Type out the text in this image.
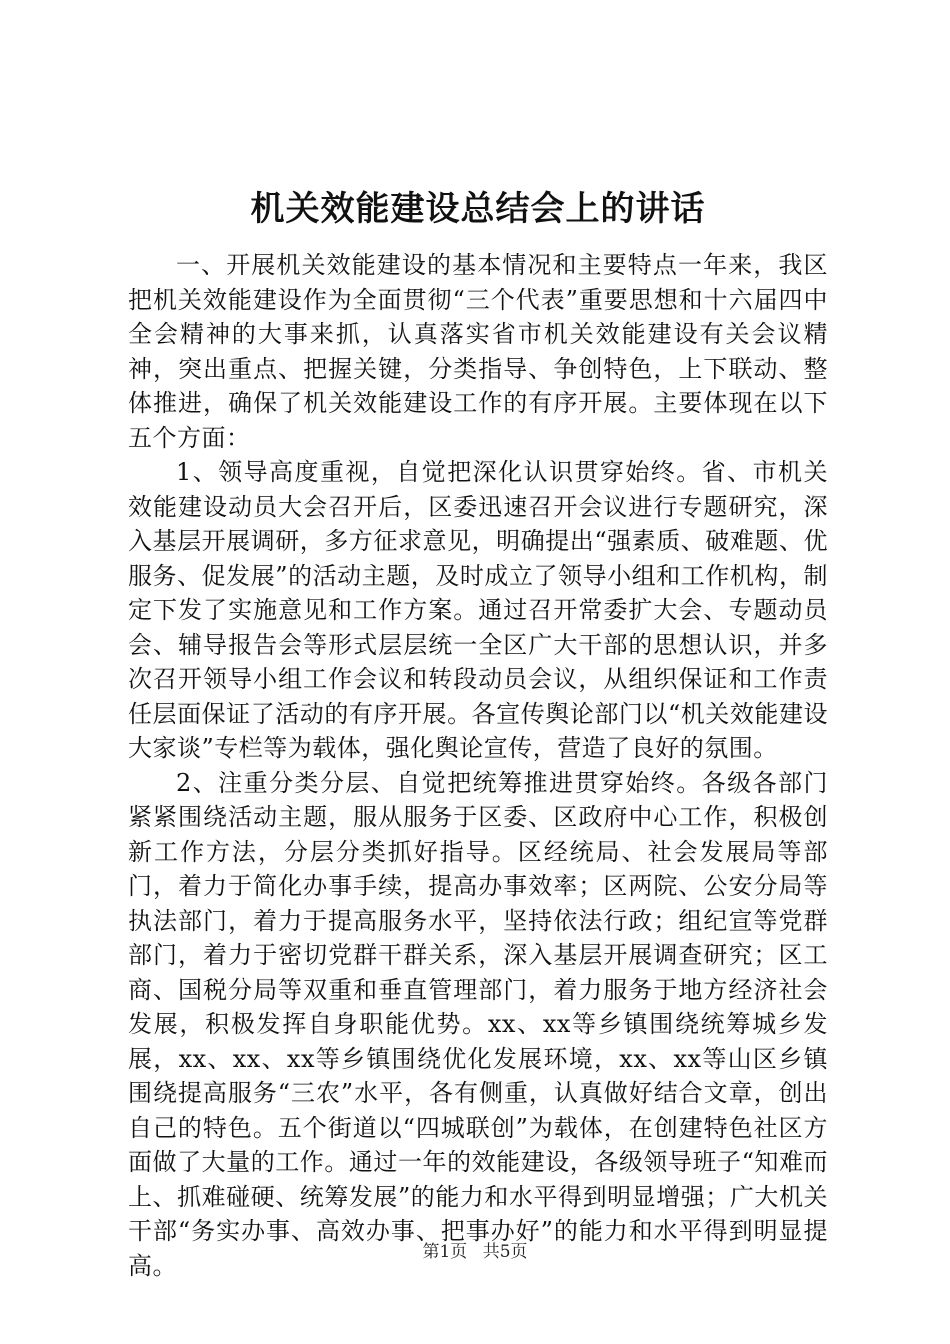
机关效能建设总结会上的讲话

一、开展机关效能建设的基本情况和主要特点一年来，我区把机关效能建设作为全面贯彻“三个代表”重要思想和十六届四中全会精神的大事来抓，认真落实省市机关效能建设有关会议精神，突出重点、把握关键，分类指导、争创特色，上下联动、整体推进，确保了机关效能建设工作的有序开展。主要体现在以下五个方面：

1、领导高度重视，自觉把深化认识贯穿始终。省、市机关效能建设动员大会召开后，区委迅速召开会议进行专题研究，深入基层开展调研，多方征求意见，明确提出“强素质、破难题、优服务、促发展”的活动主题，及时成立了领导小组和工作机构，制定下发了实施意见和工作方案。通过召开常委扩大会、专题动员会、辅导报告会等形式层层统一全区广大干部的思想认识，并多次召开领导小组工作会议和转段动员会议，从组织保证和工作责任层面保证了活动的有序开展。各宣传舆论部门以“机关效能建设大家谈”专栏等为载体，强化舆论宣传，营造了良好的氛围。

2、注重分类分层、自觉把统筹推进贯穿始终。各级各部门紧紧围绕活动主题，服从服务于区委、区政府中心工作，积极创新工作方法，分层分类抓好指导。区经统局、社会发展局等部门，着力于简化办事手续，提高办事效率；区两院、公安分局等执法部门，着力于提高服务水平，坚持依法行政；组纪宣等党群部门，着力于密切党群干群关系，深入基层开展调查研究；区工商、国税分局等双重和垂直管理部门，着力服务于地方经济社会发展，积极发挥自身职能优势。xx、xx等乡镇围绕统筹城乡发展，xx、xx、xx等乡镇围绕优化发展环境，xx、xx等山区乡镇围绕提高服务“三农”水平，各有侧重，认真做好结合文章，创出自己的特色。五个街道以“四城联创”为载体，在创建特色社区方面做了大量的工作。通过一年的效能建设，各级领导班子“知难而上、抓难碰硬、统筹发展”的能力和水平得到明显增强；广大机关干部“务实办事、高效办事、把事办好”的能力和水平得到明显提高。	第1页 共5页
